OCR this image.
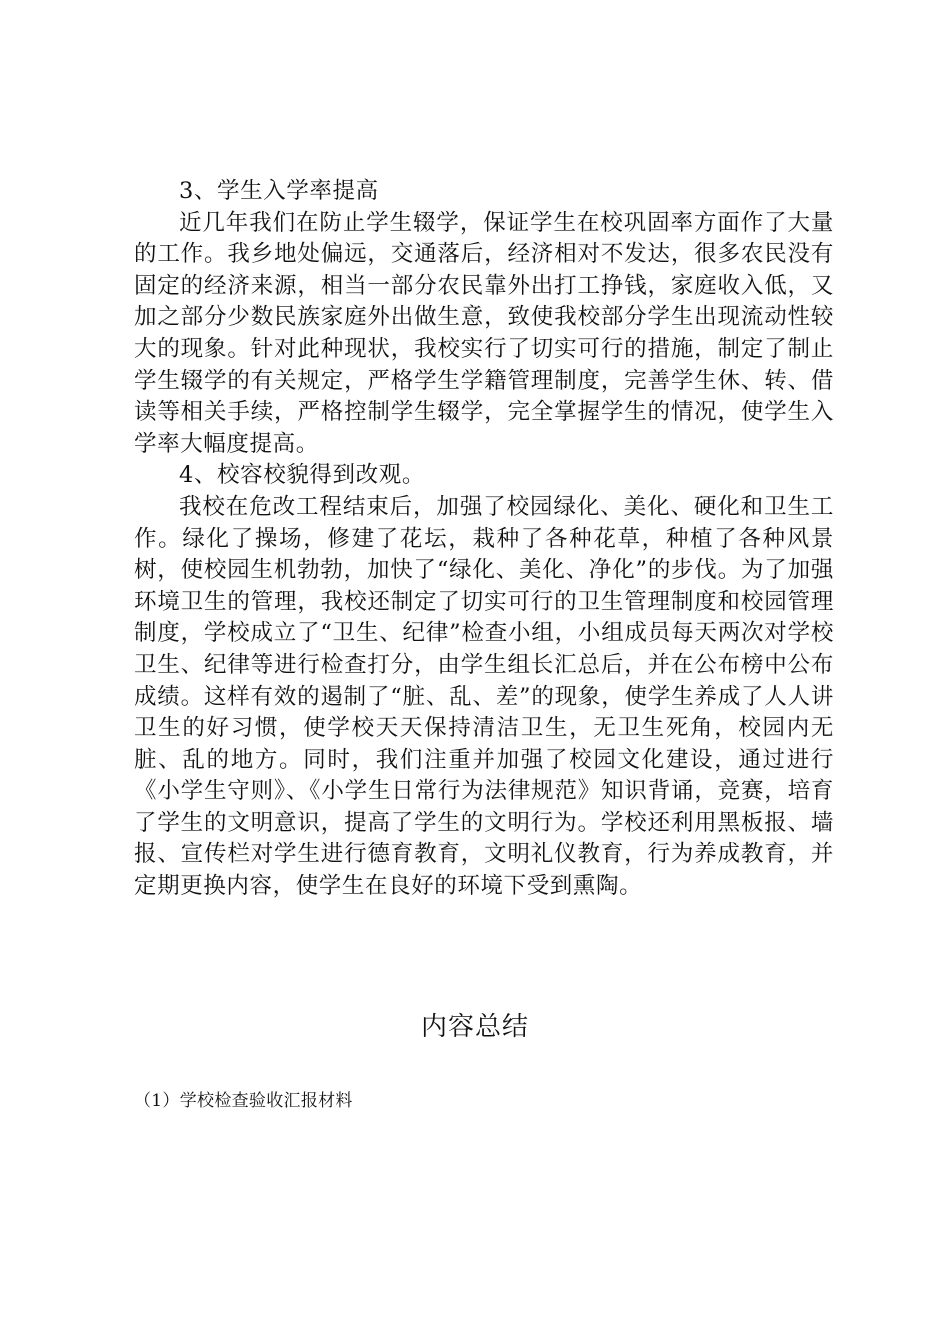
3、学生入学率提高

近几年我们在防止学生辍学，保证学生在校巩固率方面作了大量的工作。我乡地处偏远，交通落后，经济相对不发达，很多农民没有固定的经济来源，相当一部分农民靠外出打工挣钱，家庭收入低，又加之部分少数民族家庭外出做生意，致使我校部分学生出现流动性较大的现象。针对此种现状，我校实行了切实可行的措施，制定了制止学生辍学的有关规定，严格学生学籍管理制度，完善学生休、转、借读等相关手续，严格控制学生辍学，完全掌握学生的情况，使学生入学率大幅度提高。

4、校容校貌得到改观。

我校在危改工程结束后，加强了校园绿化、美化、硬化和卫生工作。绿化了操场，修建了花坛，栽种了各种花草，种植了各种风景树，使校园生机勃勃，加快了“绿化、美化、净化”的步伐。为了加强环境卫生的管理，我校还制定了切实可行的卫生管理制度和校园管理制度，学校成立了“卫生、纪律”检查小组，小组成员每天两次对学校卫生、纪律等进行检查打分，由学生组长汇总后，并在公布榜中公布成绩。这样有效的遏制了“脏、乱、差”的现象，使学生养成了人人讲卫生的好习惯，使学校天天保持清洁卫生，无卫生死角，校园内无脏、乱的地方。同时，我们注重并加强了校园文化建设，通过进行《小学生守则》、《小学生日常行为法律规范》知识背诵，竞赛，培育了学生的文明意识，提高了学生的文明行为。学校还利用黑板报、墙报、宣传栏对学生进行德育教育，文明礼仪教育，行为养成教育，并定期更换内容，使学生在良好的环境下受到熏陶。

内容总结
（1）学校检查验收汇报材料
